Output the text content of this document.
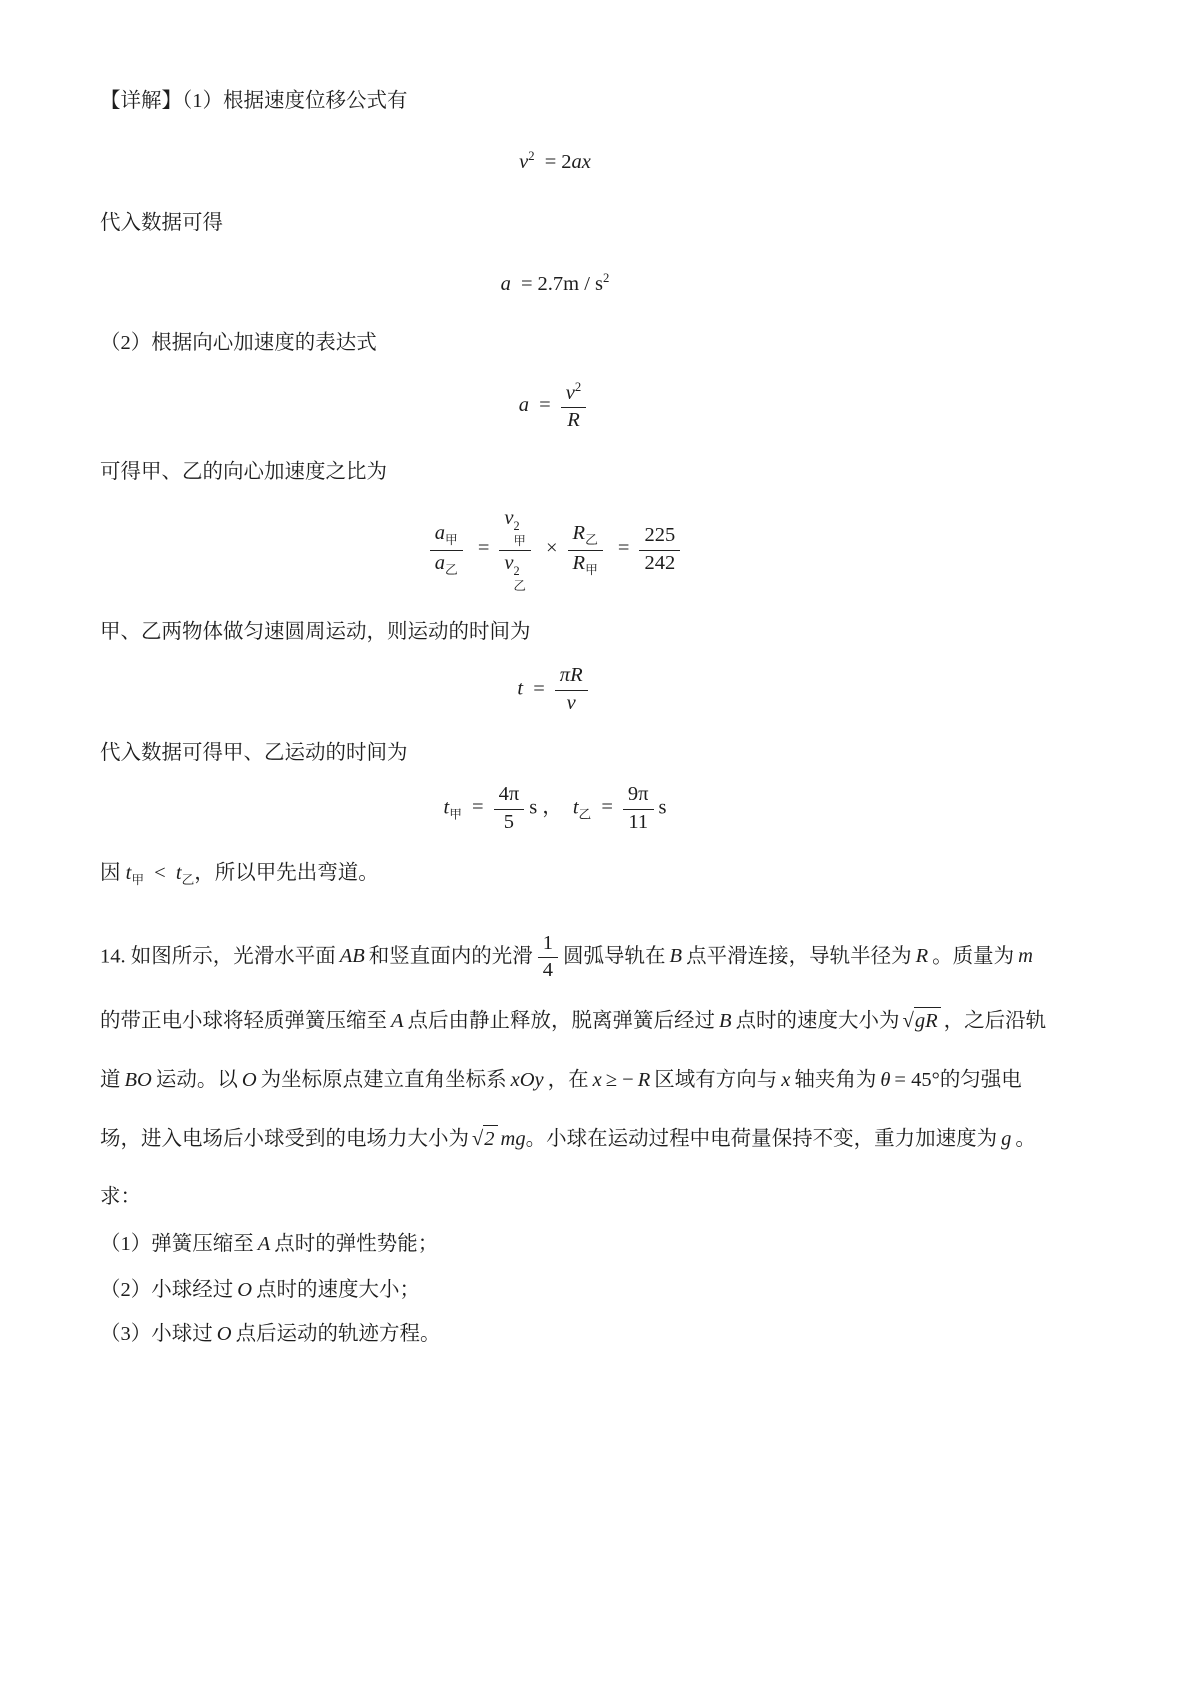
【详解】（1）根据速度位移公式有
$v^2 = 2ax$
代入数据可得
$a = 2.7m / s^2$
（2）根据向心加速度的表达式
$a = \frac{v^2}{R}$
可得甲、乙的向心加速度之比为
$\frac{a_甲}{a_乙} = v$ 2
甲
v 2
乙 × $\frac{R_乙}{R_甲} = \frac{225}{242}$
甲、乙两物体做匀速圆周运动，则运动的时间为
$t = \frac{\pi R}{v}$
代入数据可得甲、乙运动的时间为
$t_甲 = \frac{4\pi}{5}$ s ， $t_乙 = \frac{9\pi}{11}$ s
因 $t_甲 < t_乙$，所以甲先出弯道。
14. 如图所示，光滑水平面 AB 和竖直面内的光滑 $\frac{1}{4}$ 圆弧导轨在 B 点平滑连接，导轨半径为 R 。质量为 m
的带正电小球将轻质弹簧压缩至 A 点后由静止释放，脱离弹簧后经过 B 点时的速度大小为 √gR ，之后沿轨
道 BO 运动。以 O 为坐标原点建立直角坐标系 xOy ，在 x ≥ − R 区域有方向与 x 轴夹角为 θ = 45°的匀强电
场，进入电场后小球受到的电场力大小为 √2 mg。小球在运动过程中电荷量保持不变，重力加速度为 g 。
求：
（1）弹簧压缩至 A 点时的弹性势能；
（2）小球经过 O 点时的速度大小；
（3）小球过 O 点后运动的轨迹方程。
